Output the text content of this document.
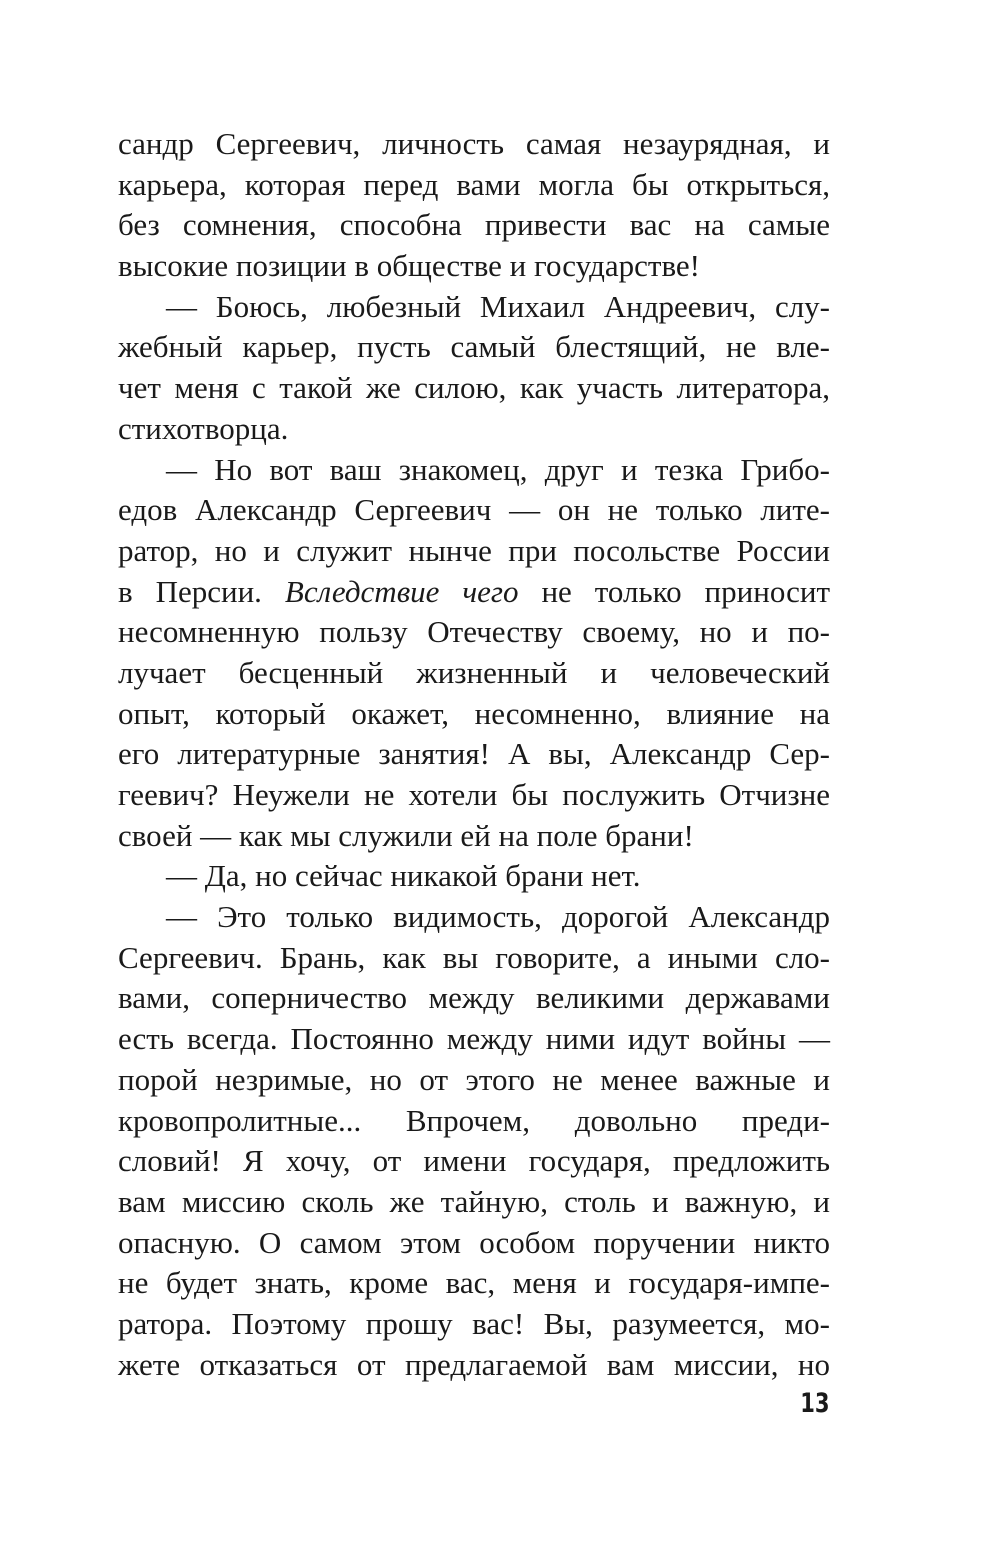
сандр Сергеевич, личность самая незаурядная, и
карьера, которая перед вами могла бы открыться,
без сомнения, способна привести вас на самые
высокие позиции в обществе и государстве!
— Боюсь, любезный Михаил Андреевич, слу-
жебный карьер, пусть самый блестящий, не вле-
чет меня с такой же силою, как участь литератора,
стихотворца.
— Но вот ваш знакомец, друг и тезка Грибо-
едов Александр Сергеевич — он не только лите-
ратор, но и служит нынче при посольстве России
в Персии. Вследствие чего не только приносит
несомненную пользу Отечеству своему, но и по-
лучает бесценный жизненный и человеческий
опыт, который окажет, несомненно, влияние на
его литературные занятия! А вы, Александр Сер-
геевич? Неужели не хотели бы послужить Отчизне
своей — как мы служили ей на поле брани!
— Да, но сейчас никакой брани нет.
— Это только видимость, дорогой Александр
Сергеевич. Брань, как вы говорите, а иными сло-
вами, соперничество между великими державами
есть всегда. Постоянно между ними идут войны —
порой незримые, но от этого не менее важные и
кровопролитные... Впрочем, довольно преди-
словий! Я хочу, от имени государя, предложить
вам миссию сколь же тайную, столь и важную, и
опасную. О самом этом особом поручении никто
не будет знать, кроме вас, меня и государя-импе-
ратора. Поэтому прошу вас! Вы, разумеется, мо-
жете отказаться от предлагаемой вам миссии, но
13
